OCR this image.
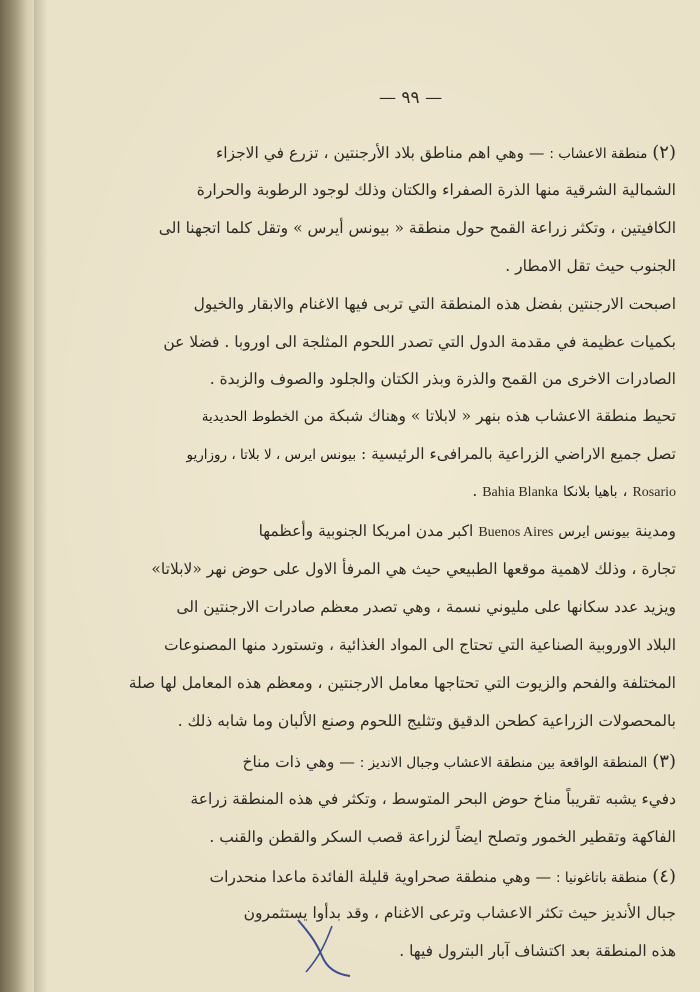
— ٩٩ —
(٢) منطقة الاعشاب : — وهي اهم مناطق بلاد الأرجنتين ، تزرع في الاجزاء
الشمالية الشرقية منها الذرة الصفراء والكتان وذلك لوجود الرطوبة والحرارة
الكافيتين ، وتكثر زراعة القمح حول منطقة « بيونس أيرس » وتقل كلما اتجهنا الى
الجنوب حيث تقل الامطار .
اصبحت الارجنتين بفضل هذه المنطقة التي تربى فيها الاغنام والابقار والخيول
بكميات عظيمة في مقدمة الدول التي تصدر اللحوم المثلجة الى اوروبا . فضلا عن
الصادرات الاخرى من القمح والذرة وبذر الكتان والجلود والصوف والزبدة .
تحيط منطقة الاعشاب هذه بنهر « لابلاتا » وهناك شبكة من الخطوط الحديدية
تصل جميع الاراضي الزراعية بالمرافىء الرئيسية : بيونس ايرس ، لا بلاتا ، روزاريو
Rosario ، باهيا بلانكا Bahia Blanka .
ومدينة بيونس ايرس Buenos Aires اكبر مدن امريكا الجنوبية وأعظمها
تجارة ، وذلك لاهمية موقعها الطبيعي حيث هي المرفأ الاول على حوض نهر «لابلاتا»
ويزيد عدد سكانها على مليوني نسمة ، وهي تصدر معظم صادرات الارجنتين الى
البلاد الاوروبية الصناعية التي تحتاج الى المواد الغذائية ، وتستورد منها المصنوعات
المختلفة والفحم والزيوت التي تحتاجها معامل الارجنتين ، ومعظم هذه المعامل لها صلة
بالمحصولات الزراعية كطحن الدقيق وتثليج اللحوم وصنع الألبان وما شابه ذلك .
(٣) المنطقة الواقعة بين منطقة الاعشاب وجبال الانديز : — وهي ذات مناخ
دفيء يشبه تقريباً مناخ حوض البحر المتوسط ، وتكثر في هذه المنطقة زراعة
الفاكهة وتقطير الخمور وتصلح ايضاً لزراعة قصب السكر والقطن والقنب .
(٤) منطقة باتاغونيا : — وهي منطقة صحراوية قليلة الفائدة ماعدا منحدرات
جبال الأنديز حيث تكثر الاعشاب وترعى الاغنام ، وقد بدأوا يستثمرون
هذه المنطقة بعد اكتشاف آبار البترول فيها .
